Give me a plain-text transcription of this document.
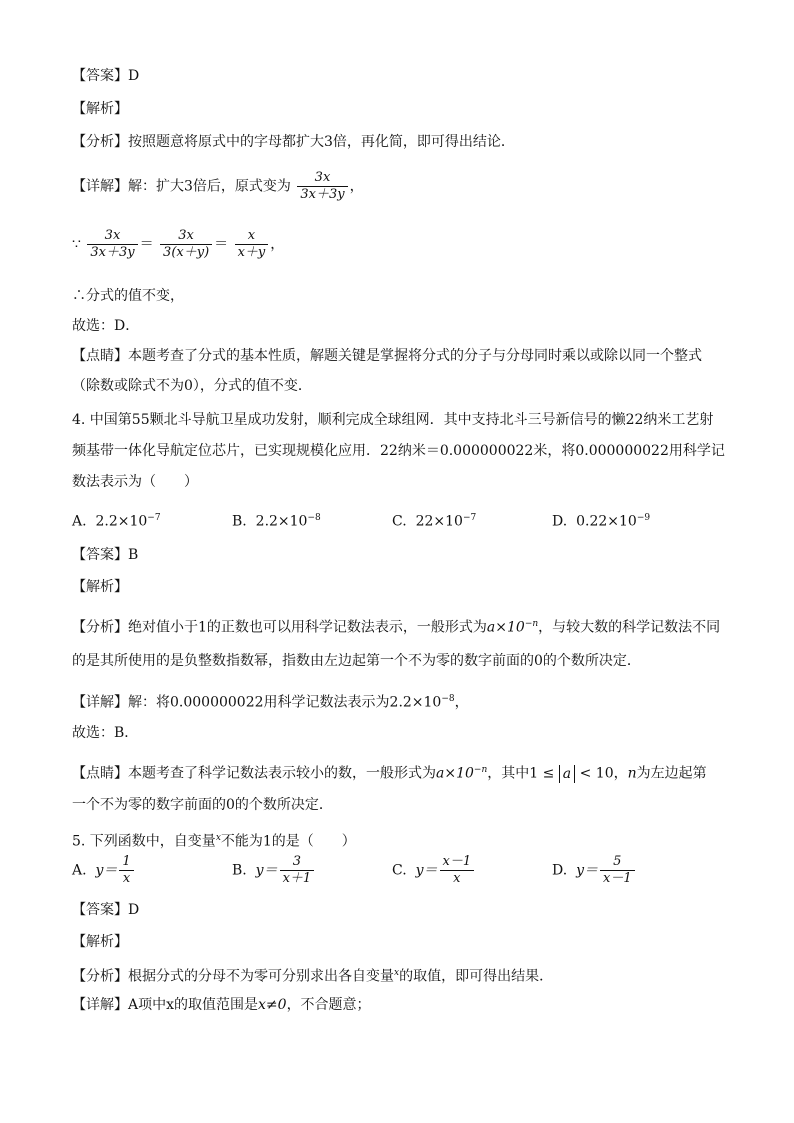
【答案】D
【解析】
【分析】按照题意将原式中的字母都扩大3倍，再化简，即可得出结论．
【详解】解：扩大3倍后，原式变为 $\frac{3x}{3x+3y}$ ，
∵ $\frac{3x}{3x+3y} = \frac{3x}{3(x+y)} = \frac{x}{x+y}$ ，
∴分式的值不变，
故选：D．
【点睛】本题考查了分式的基本性质，解题关键是掌握将分式的分子与分母同时乘以或除以同一个整式
（除数或除式不为0），分式的值不变．
4. 中国第55颗北斗导航卫星成功发射，顺利完成全球组网．其中支持北斗三号新信号的懒22纳米工艺射
频基带一体化导航定位芯片，已实现规模化应用．22纳米＝0.000000022米，将0.000000022用科学记
数法表示为（　　）
A. $2.2\times 10^{-7}$	B. $2.2\times 10^{-8}$	C. $22\times 10^{-7}$	D. $0.22\times 10^{-9}$
【答案】B
【解析】
【分析】绝对值小于1的正数也可以用科学记数法表示，一般形式为$a\times 10^{-n}$，与较大数的科学记数法不同
的是其所使用的是负整数指数幂，指数由左边起第一个不为零的数字前面的0的个数所决定．
【详解】解：将0.000000022用科学记数法表示为$2.2\times 10^{-8}$，
故选：B．
【点睛】本题考查了科学记数法表示较小的数，一般形式为$a\times 10^{-n}$，其中1 ≤ a < 10，n为左边起第
一个不为零的数字前面的0的个数所决定．
5. 下列函数中，自变量$^x$不能为1的是（　　）
A. $y= \frac{1}{x}$	B. $y= \frac{3}{x+1}$	C. $y= \frac{x-1}{x}$	D. $y= \frac{5}{x-1}$
【答案】D
【解析】
【分析】根据分式的分母不为零可分别求出各自变量$^x$的取值，即可得出结果．
【详解】A项中x的取值范围是x≠0，不合题意；
